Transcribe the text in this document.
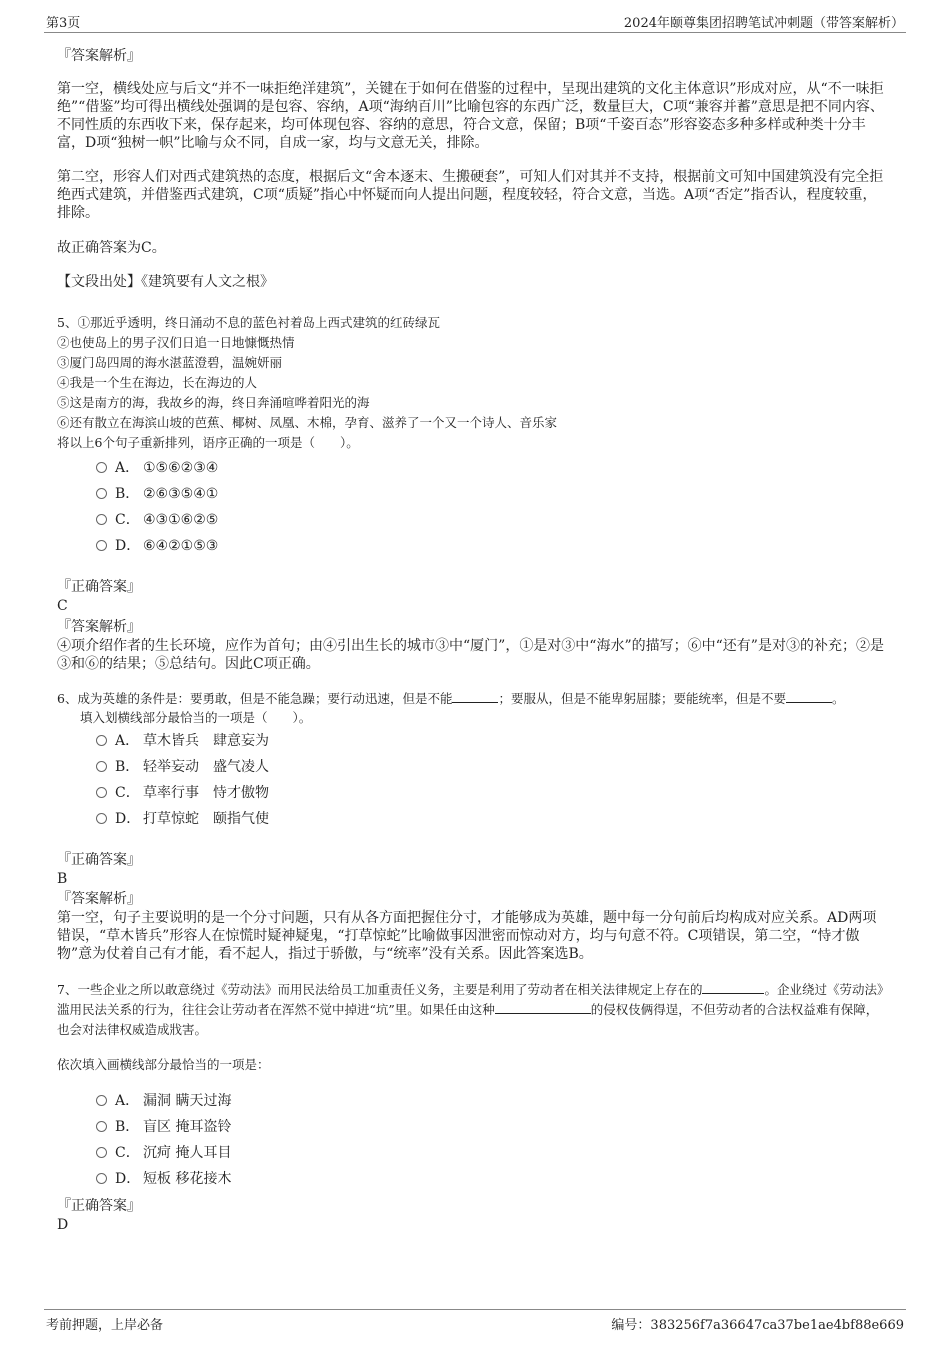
第3页	2024年颐尊集团招聘笔试冲刺题（带答案解析）
『答案解析』

第一空，横线处应与后文“并不一味拒绝洋建筑”，关键在于如何在借鉴的过程中，呈现出建筑的文化主体意识”形成对应，从“不一味拒绝”“借鉴”均可得出横线处强调的是包容、容纳，A项“海纳百川”比喻包容的东西广泛，数量巨大，C项“兼容并蓄”意思是把不同内容、不同性质的东西收下来，保存起来，均可体现包容、容纳的意思，符合文意，保留；B项“千姿百态”形容姿态多种多样或种类十分丰富，D项“独树一帜”比喻与众不同，自成一家，均与文意无关，排除。

第二空，形容人们对西式建筑热的态度，根据后文“舍本逐末、生搬硬套”，可知人们对其并不支持，根据前文可知中国建筑没有完全拒绝西式建筑，并借鉴西式建筑，C项“质疑”指心中怀疑而向人提出问题，程度较轻，符合文意，当选。A项“否定”指否认，程度较重，排除。

故正确答案为C。
【文段出处】《建筑要有人文之根》
5、①那近乎透明，终日涌动不息的蓝色衬着岛上西式建筑的红砖绿瓦
②也使岛上的男子汉们日追一日地慷慨热情
③厦门岛四周的海水湛蓝澄碧，温婉妍丽
④我是一个生在海边，长在海边的人
⑤这是南方的海，我故乡的海，终日奔涌喧哗着阳光的海
⑥还有散立在海滨山坡的芭蕉、椰树、凤凰、木棉，孕育、滋养了一个又一个诗人、音乐家
将以上6个句子重新排列，语序正确的一项是（　　）。
A． ①⑤⑥②③④
B． ②⑥③⑤④①
C． ④③①⑥②⑤
D． ⑥④②①⑤③
『正确答案』
C
『答案解析』
④项介绍作者的生长环境，应作为首句；由④引出生长的城市③中“厦门”，①是对③中“海水”的描写；⑥中“还有”是对③的补充；②是③和⑥的结果；⑤总结句。因此C项正确。
6、成为英雄的条件是：要勇敢，但是不能急躁；要行动迅速，但是不能	；要服从，但是不能卑躬屈膝；要能统率，但是不要	。
填入划横线部分最恰当的一项是（　　）。
A． 草木皆兵　肆意妄为
B． 轻举妄动　盛气凌人
C． 草率行事　恃才傲物
D． 打草惊蛇　颐指气使
『正确答案』
B
『答案解析』
第一空，句子主要说明的是一个分寸问题，只有从各方面把握住分寸，才能够成为英雄，题中每一分句前后均构成对应关系。AD两项错误，“草木皆兵”形容人在惊慌时疑神疑鬼，“打草惊蛇”比喻做事因泄密而惊动对方，均与句意不符。C项错误，第二空，“恃才傲物”意为仗着自己有才能，看不起人，指过于骄傲，与“统率”没有关系。因此答案选B。
7、一些企业之所以敢意绕过《劳动法》而用民法给员工加重责任义务，主要是利用了劳动者在相关法律规定上存在的	。企业绕过《劳动法》滥用民法关系的行为，往往会让劳动者在浑然不觉中掉进“坑”里。如果任由这种	的侵权伎俩得逞，不但劳动者的合法权益难有保障，也会对法律权威造成戕害。
依次填入画横线部分最恰当的一项是：
A． 漏洞 瞒天过海
B． 盲区 掩耳盗铃
C． 沉疴 掩人耳目
D． 短板 移花接木
『正确答案』
D
考前押题，上岸必备	编号：383256f7a36647ca37be1ae4bf88e669
